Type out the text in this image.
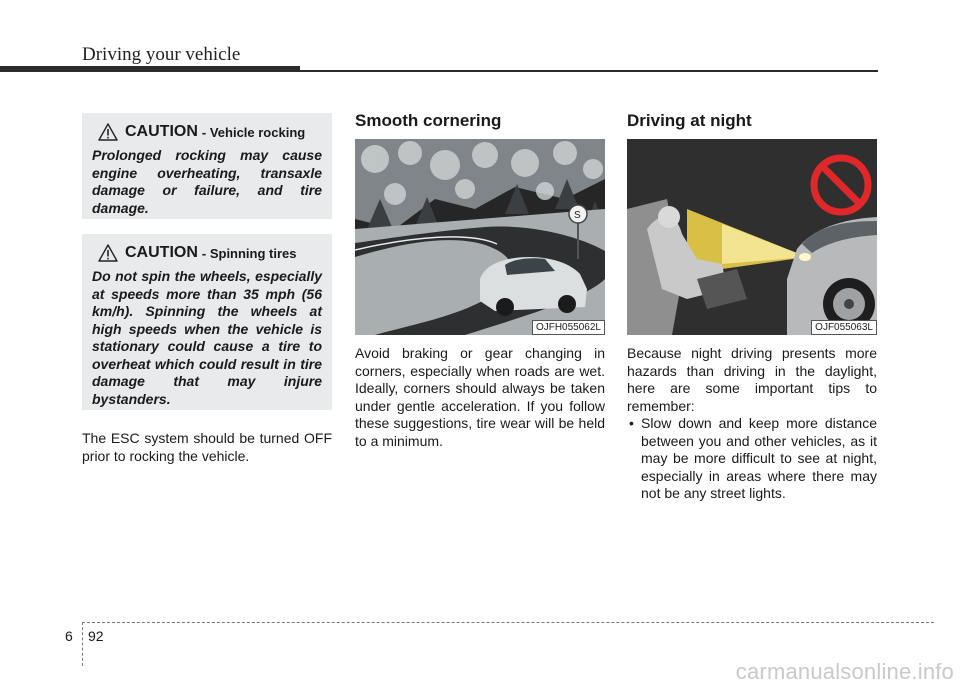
Driving your vehicle
CAUTION - Vehicle rocking
Prolonged rocking may cause engine overheating, transaxle damage or failure, and tire damage.
CAUTION - Spinning tires
Do not spin the wheels, especially at speeds more than 35 mph (56 km/h). Spinning the wheels at high speeds when the vehicle is stationary could cause a tire to overheat which could result in tire damage that may injure bystanders.
The ESC system should be turned OFF prior to rocking the vehicle.
Smooth cornering
S
OJFH055062L
Avoid braking or gear changing in corners, especially when roads are wet. Ideally, corners should always be taken under gentle acceleration. If you follow these suggestions, tire wear will be held to a minimum.
Driving at night
OJF055063L
Because night driving presents more hazards than driving in the daylight, here are some important tips to remember:
• Slow down and keep more distance between you and other vehicles, as it may be more difficult to see at night, especially in areas where there may not be any street lights.
6 92
carmanualsonline.info
